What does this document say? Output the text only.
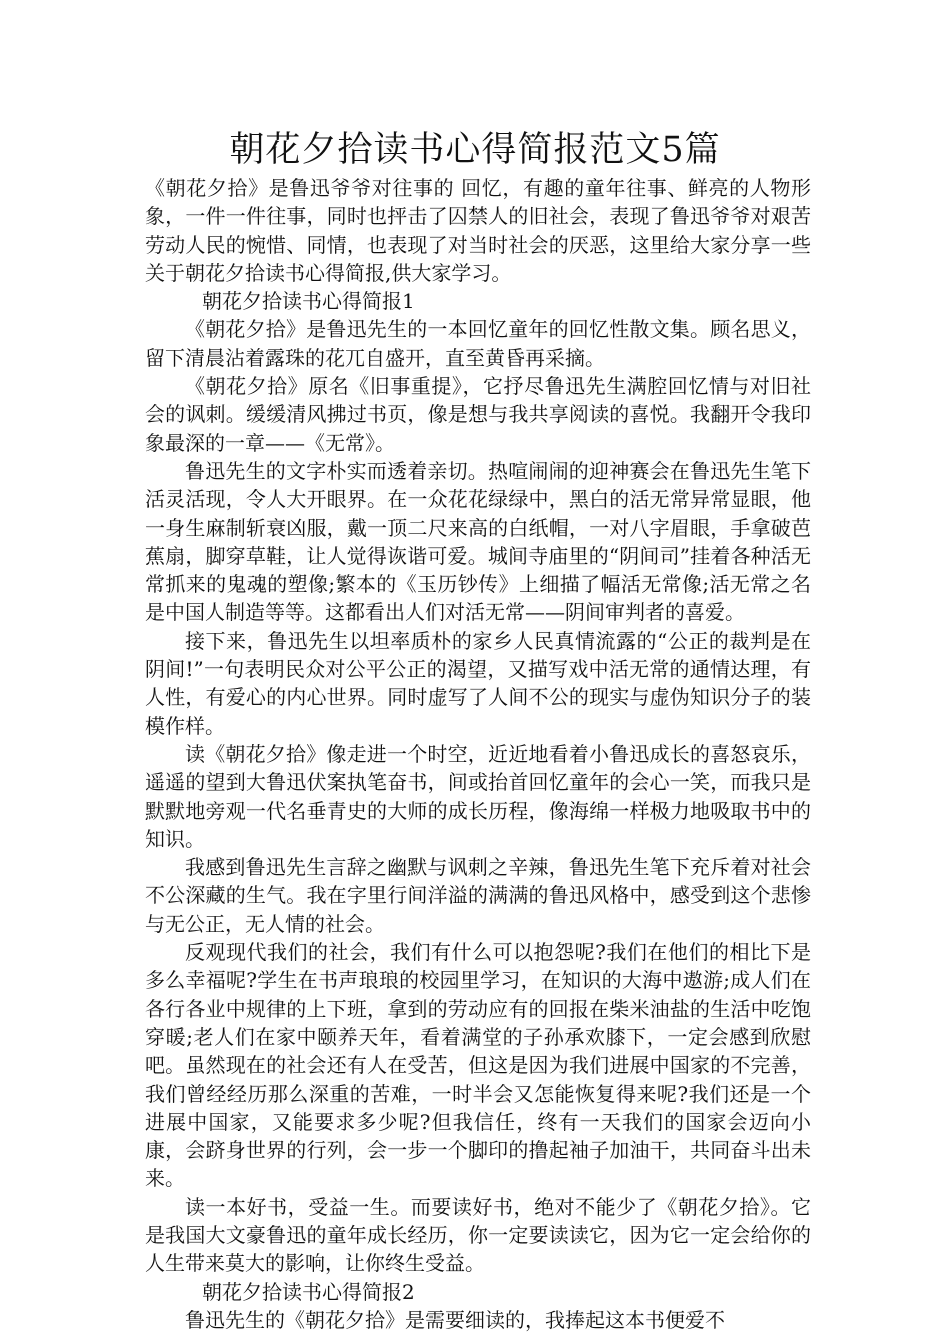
朝花夕拾读书心得简报范文5篇

《朝花夕拾》是鲁迅爷爷对往事的 回忆，有趣的童年往事、鲜亮的人物形象，一件一件往事，同时也抨击了囚禁人的旧社会，表现了鲁迅爷爷对艰苦劳动人民的惋惜、同情，也表现了对当时社会的厌恶，这里给大家分享一些关于朝花夕拾读书心得简报,供大家学习。

朝花夕拾读书心得简报1

《朝花夕拾》是鲁迅先生的一本回忆童年的回忆性散文集。顾名思义，留下清晨沾着露珠的花兀自盛开，直至黄昏再采摘。

《朝花夕拾》原名《旧事重提》，它抒尽鲁迅先生满腔回忆情与对旧社会的讽刺。缓缓清风拂过书页，像是想与我共享阅读的喜悦。我翻开令我印象最深的一章——《无常》。

鲁迅先生的文字朴实而透着亲切。热喧闹闹的迎神赛会在鲁迅先生笔下活灵活现，令人大开眼界。在一众花花绿绿中，黑白的活无常异常显眼，他一身生麻制斩衰凶服，戴一顶二尺来高的白纸帽，一对八字眉眼，手拿破芭蕉扇，脚穿草鞋，让人觉得诙谐可爱。城间寺庙里的“阴间司”挂着各种活无常抓来的鬼魂的塑像;繁本的《玉历钞传》上细描了幅活无常像;活无常之名是中国人制造等等。这都看出人们对活无常——阴间审判者的喜爱。

接下来，鲁迅先生以坦率质朴的家乡人民真情流露的“公正的裁判是在阴间!”一句表明民众对公平公正的渴望，又描写戏中活无常的通情达理，有人性，有爱心的内心世界。同时虚写了人间不公的现实与虚伪知识分子的装模作样。

读《朝花夕拾》像走进一个时空，近近地看着小鲁迅成长的喜怒哀乐，遥遥的望到大鲁迅伏案执笔奋书，间或抬首回忆童年的会心一笑，而我只是默默地旁观一代名垂青史的大师的成长历程，像海绵一样极力地吸取书中的知识。

我感到鲁迅先生言辞之幽默与讽刺之辛辣，鲁迅先生笔下充斥着对社会不公深藏的生气。我在字里行间洋溢的满满的鲁迅风格中，感受到这个悲惨与无公正，无人情的社会。

反观现代我们的社会，我们有什么可以抱怨呢?我们在他们的相比下是多么幸福呢?学生在书声琅琅的校园里学习，在知识的大海中遨游;成人们在各行各业中规律的上下班，拿到的劳动应有的回报在柴米油盐的生活中吃饱穿暖;老人们在家中颐养天年，看着满堂的子孙承欢膝下，一定会感到欣慰吧。虽然现在的社会还有人在受苦，但这是因为我们进展中国家的不完善，我们曾经经历那么深重的苦难，一时半会又怎能恢复得来呢?我们还是一个进展中国家，又能要求多少呢?但我信任，终有一天我们的国家会迈向小康，会跻身世界的行列，会一步一个脚印的撸起袖子加油干，共同奋斗出未来。

读一本好书，受益一生。而要读好书，绝对不能少了《朝花夕拾》。它是我国大文豪鲁迅的童年成长经历，你一定要读读它，因为它一定会给你的人生带来莫大的影响，让你终生受益。

朝花夕拾读书心得简报2

鲁迅先生的《朝花夕拾》是需要细读的，我捧起这本书便爱不
